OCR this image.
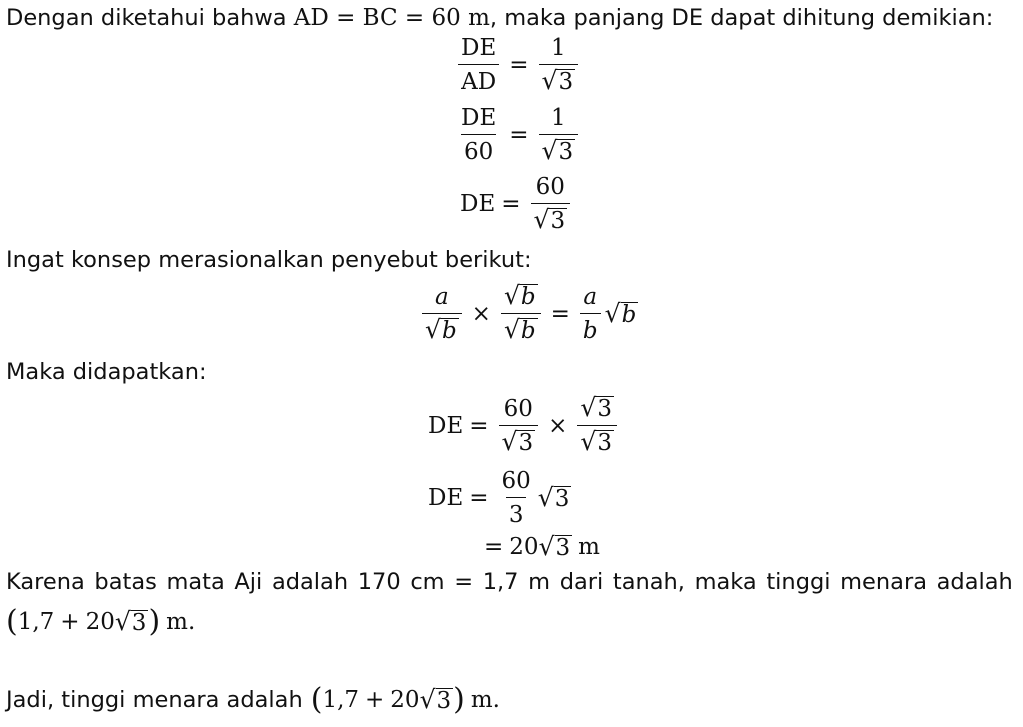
Dengan diketahui bahwa AD = BC = 60 m, maka panjang DE dapat dihitung demikian:
$\frac{DE}{AD} = \frac{1}{√ 3}$
$\frac{DE}{60} = \frac{1}{√ 3}$
DE = $\frac{60}{√ 3}$
Ingat konsep merasionalkan penyebut berikut:
$\frac{a}{√ b} \times \frac{√ b}{√ b} = \frac{a}{b}$ √ b
Maka didapatkan:
DE = $\frac{60}{√ 3} \times \frac{√ 3}{√ 3}$
DE = $\frac{60}{3}$ √ 3
= 20 √ 3 m
Karena batas mata Aji adalah 170 cm = 1,7 m dari tanah, maka tinggi menara adalah
( 1,7 + 20 √ 3 ) m.
Jadi, tinggi menara adalah ( 1,7 + 20 √ 3 ) m.
